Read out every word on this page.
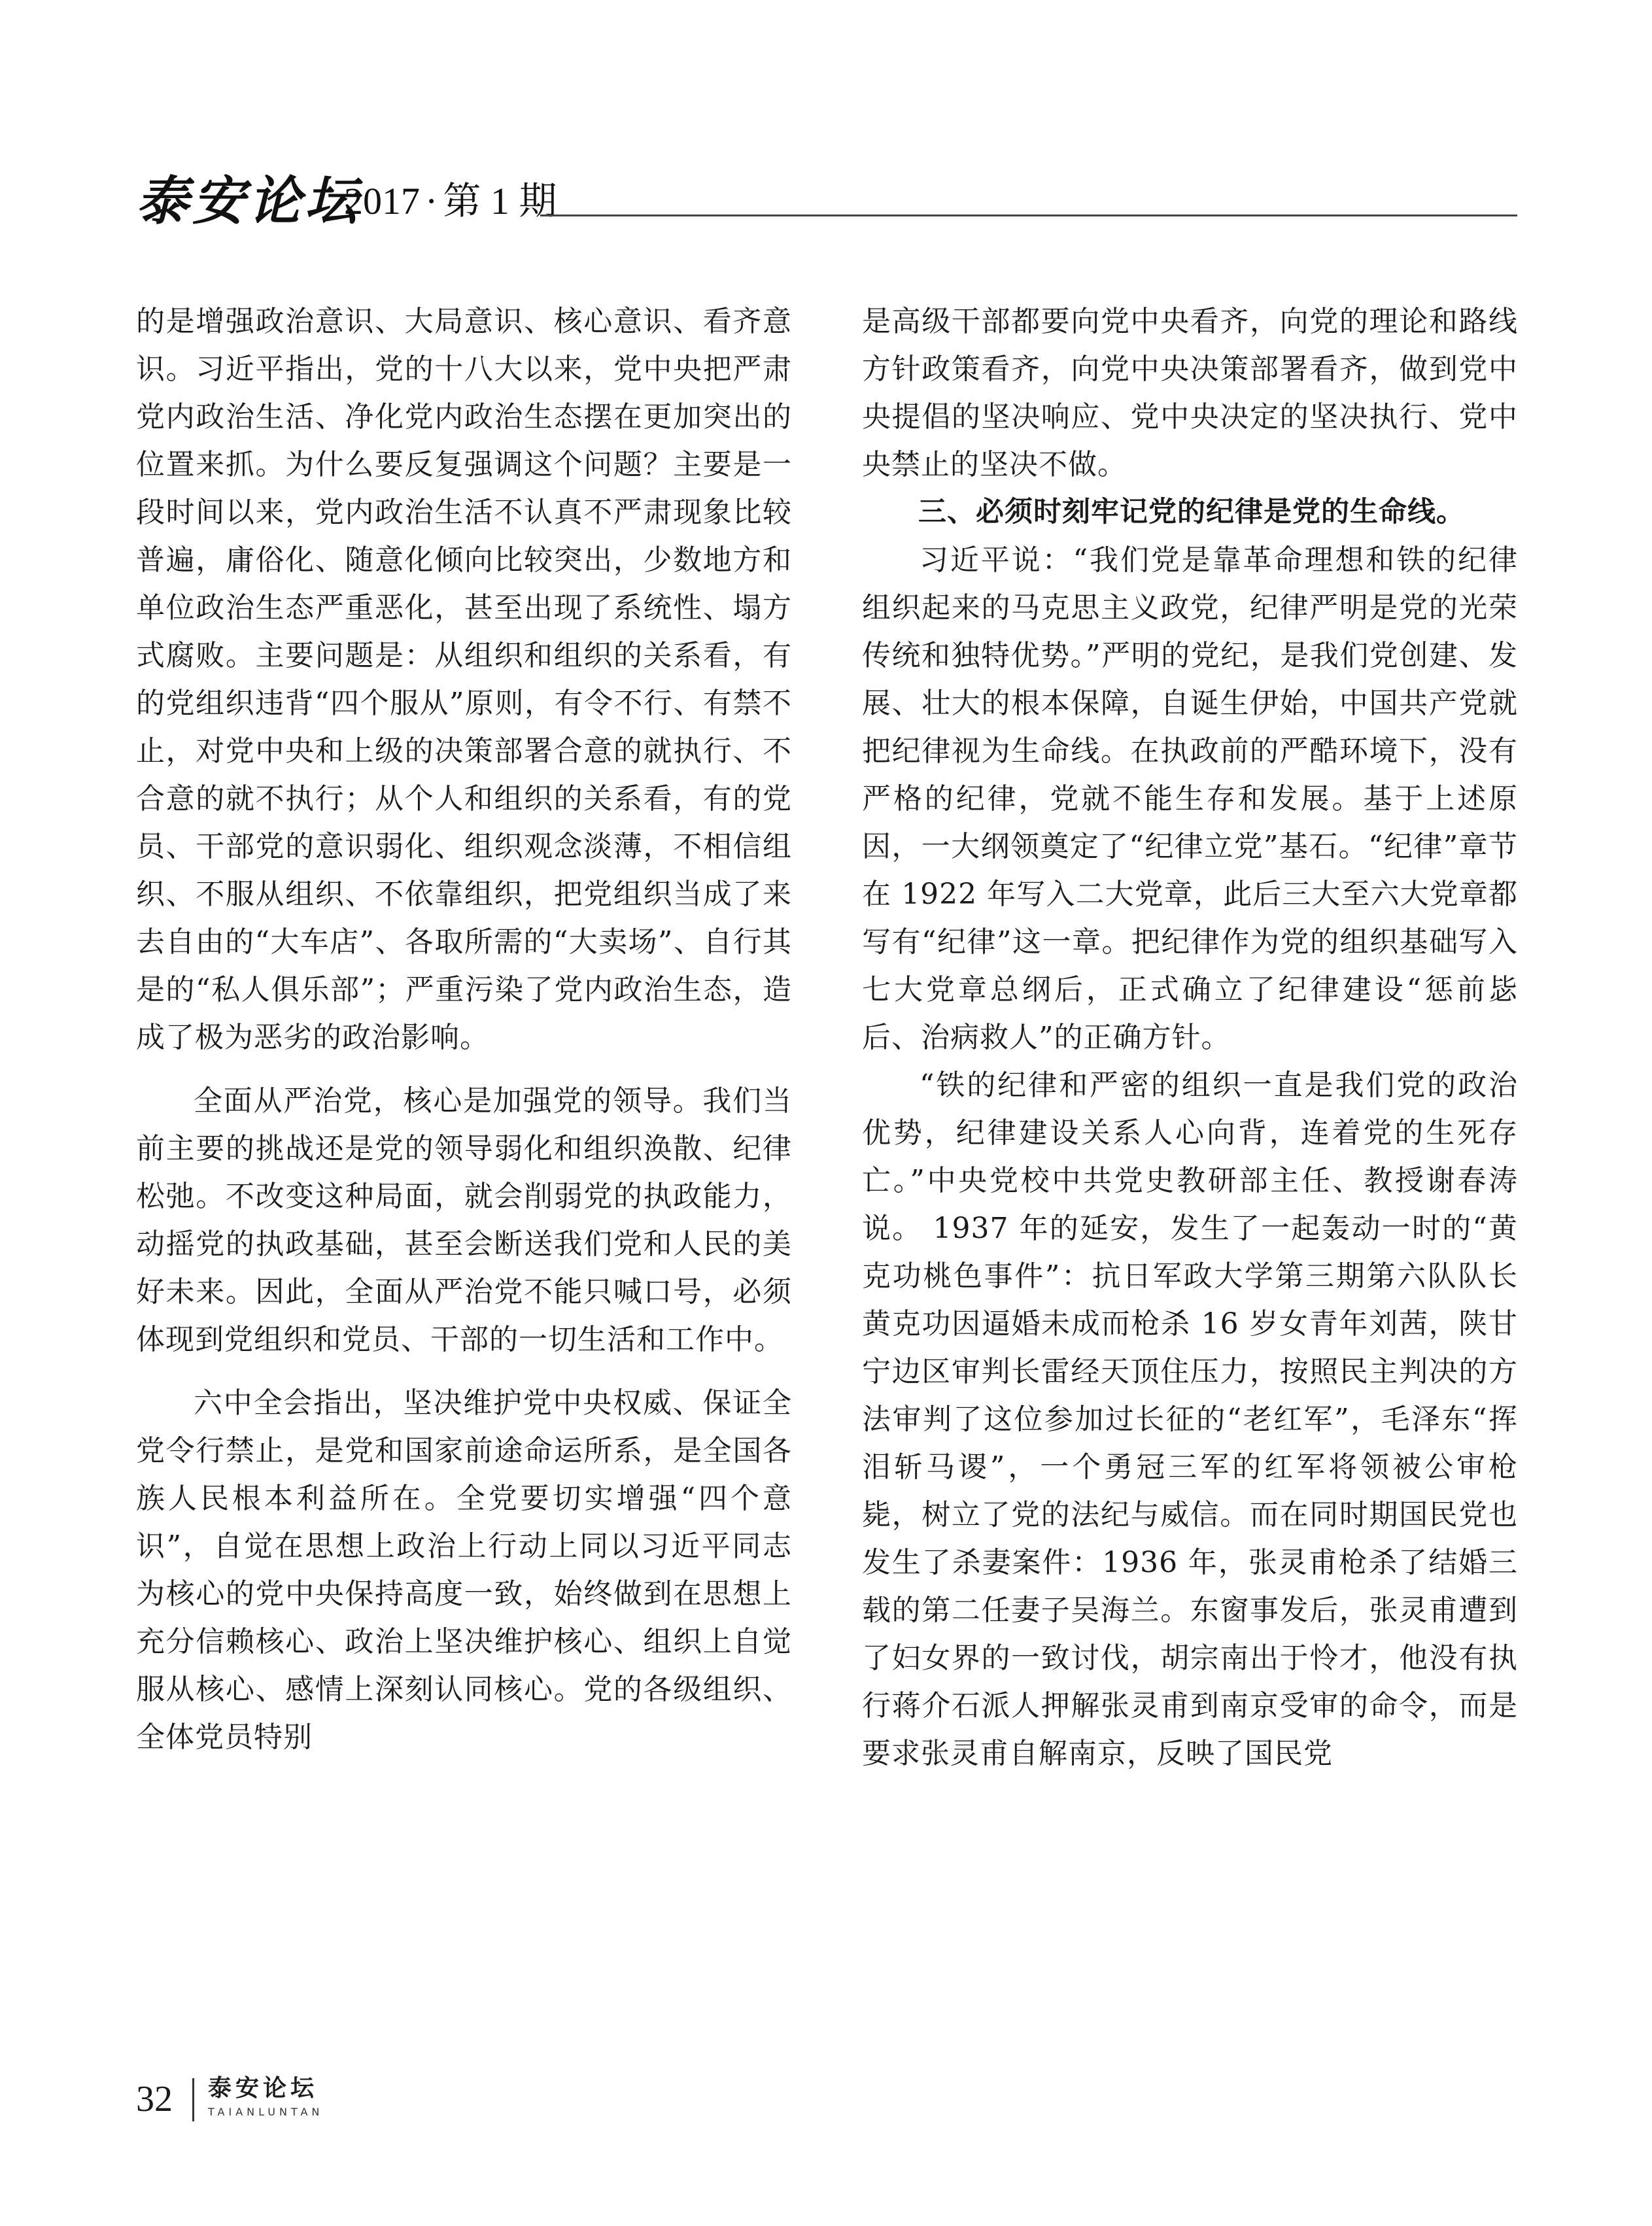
泰安论坛
2017 · 第 1 期

的是增强政治意识、大局意识、核心意识、看齐意识。习近平指出，党的十八大以来，党中央把严肃党内政治生活、净化党内政治生态摆在更加突出的位置来抓。为什么要反复强调这个问题？主要是一段时间以来，党内政治生活不认真不严肃现象比较普遍，庸俗化、随意化倾向比较突出，少数地方和单位政治生态严重恶化，甚至出现了系统性、塌方式腐败。主要问题是：从组织和组织的关系看，有的党组织违背“四个服从”原则，有令不行、有禁不止，对党中央和上级的决策部署合意的就执行、不合意的就不执行；从个人和组织的关系看，有的党员、干部党的意识弱化、组织观念淡薄，不相信组织、不服从组织、不依靠组织，把党组织当成了来去自由的“大车店”、各取所需的“大卖场”、自行其是的“私人俱乐部”；严重污染了党内政治生态，造成了极为恶劣的政治影响。

全面从严治党，核心是加强党的领导。我们当前主要的挑战还是党的领导弱化和组织涣散、纪律松弛。不改变这种局面，就会削弱党的执政能力，动摇党的执政基础，甚至会断送我们党和人民的美好未来。因此，全面从严治党不能只喊口号，必须体现到党组织和党员、干部的一切生活和工作中。

六中全会指出，坚决维护党中央权威、保证全党令行禁止，是党和国家前途命运所系，是全国各族人民根本利益所在。全党要切实增强“四个意识”，自觉在思想上政治上行动上同以习近平同志为核心的党中央保持高度一致，始终做到在思想上充分信赖核心、政治上坚决维护核心、组织上自觉服从核心、感情上深刻认同核心。党的各级组织、全体党员特别

是高级干部都要向党中央看齐，向党的理论和路线方针政策看齐，向党中央决策部署看齐，做到党中央提倡的坚决响应、党中央决定的坚决执行、党中央禁止的坚决不做。

三、必须时刻牢记党的纪律是党的生命线。

习近平说：“我们党是靠革命理想和铁的纪律组织起来的马克思主义政党，纪律严明是党的光荣传统和独特优势。”严明的党纪，是我们党创建、发展、壮大的根本保障，自诞生伊始，中国共产党就把纪律视为生命线。在执政前的严酷环境下，没有严格的纪律，党就不能生存和发展。基于上述原因，一大纲领奠定了“纪律立党”基石。“纪律”章节在 1922 年写入二大党章，此后三大至六大党章都写有“纪律”这一章。把纪律作为党的组织基础写入七大党章总纲后，正式确立了纪律建设“惩前毖后、治病救人”的正确方针。

“铁的纪律和严密的组织一直是我们党的政治优势，纪律建设关系人心向背，连着党的生死存亡。”中央党校中共党史教研部主任、教授谢春涛说。 1937 年的延安，发生了一起轰动一时的“黄克功桃色事件”：抗日军政大学第三期第六队队长黄克功因逼婚未成而枪杀 16 岁女青年刘茜，陕甘宁边区审判长雷经天顶住压力，按照民主判决的方法审判了这位参加过长征的“老红军”，毛泽东“挥泪斩马谡”，一个勇冠三军的红军将领被公审枪毙，树立了党的法纪与威信。而在同时期国民党也发生了杀妻案件：1936 年，张灵甫枪杀了结婚三载的第二任妻子吴海兰。东窗事发后，张灵甫遭到了妇女界的一致讨伐，胡宗南出于怜才，他没有执行蒋介石派人押解张灵甫到南京受审的命令，而是要求张灵甫自解南京，反映了国民党

32 泰安论坛
TAIANLUNTAN
